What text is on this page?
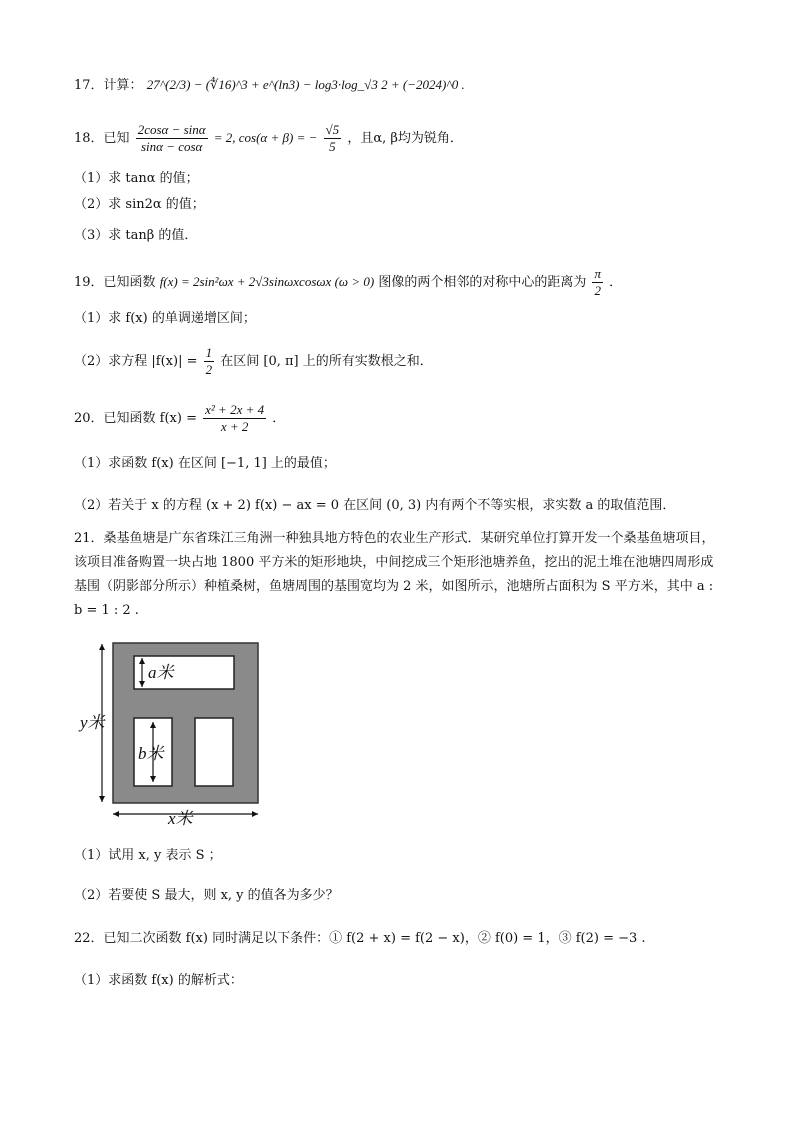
17．计算： 27^(2/3) − (∜16)^3 + e^(ln3) − log3·log_√3 2 + (−2024)^0 .
18．已知 $\frac{2\cos\alpha - \sin\alpha}{\sin\alpha - \cos\alpha} = 2$, cos(α + β) = − $\frac{√5}{5}$ ，且α, β均为锐角．
（1）求 tanα 的值；
（2）求 sin2α 的值；
（3）求 tanβ 的值．
19．已知函数 f(x) = 2sin²ωx + 2√3sinωxcosωx (ω > 0) 图像的两个相邻的对称中心的距离为 $\frac{\pi}{2}$ ．
（1）求 f(x) 的单调递增区间；
（2）求方程 $|f(x)| = \frac{1}{2}$ 在区间 [0, π] 上的所有实数根之和．
20．已知函数 $f(x) = \frac{\text{x² + 2x + 4}}{x + 2}$ ．
（1）求函数 f(x) 在区间 [−1, 1] 上的最值；
（2）若关于 x 的方程 (x + 2) f(x) − ax = 0 在区间 (0, 3) 内有两个不等实根，求实数 a 的取值范围．
21．桑基鱼塘是广东省珠江三角洲一种独具地方特色的农业生产形式．某研究单位打算开发一个桑基鱼塘项目，该项目准备购置一块占地 1800 平方米的矩形地块，中间挖成三个矩形池塘养鱼，挖出的泥土堆在池塘四周形成基围（阴影部分所示）种植桑树，鱼塘周围的基围宽均为 2 米，如图所示，池塘所占面积为 S 平方米，其中 a : b = 1 : 2 .
a米
b米
y米
x米
（1）试用 x, y 表示 S ；
（2）若要使 S 最大，则 x, y 的值各为多少？
22．已知二次函数 f(x) 同时满足以下条件：① f(2 + x) = f(2 − x)，② f(0) = 1，③ f(2) = −3 .
（1）求函数 f(x) 的解析式：
